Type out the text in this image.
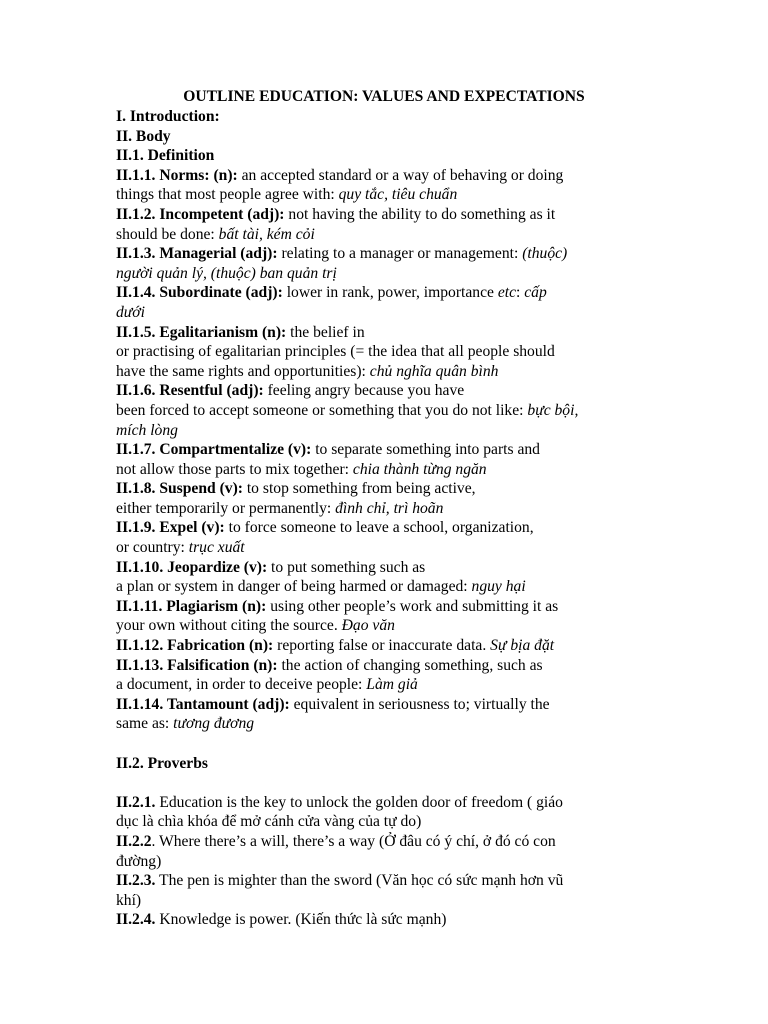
OUTLINE EDUCATION: VALUES AND EXPECTATIONS

I. Introduction:

II. Body

II.1. Definition

II.1.1. Norms: (n): an accepted standard or a way of behaving or doing

things that most people agree with: quy tắc, tiêu chuẩn

II.1.2. Incompetent (adj): not having the ability to do something as it

should be done: bất tài, kém cỏi

II.1.3. Managerial (adj): relating to a manager or management: (thuộc)

người quản lý, (thuộc) ban quản trị

II.1.4. Subordinate (adj): lower in rank, power, importance etc: cấp

dưới

II.1.5. Egalitarianism (n): the belief in

or practising of egalitarian principles (= the idea that all people should

have the same rights and opportunities): chủ nghĩa quân bình

II.1.6. Resentful (adj): feeling angry because you have

been forced to accept someone or something that you do not like: bực bội,

mích lòng

II.1.7. Compartmentalize (v): to separate something into parts and

not allow those parts to mix together: chia thành từng ngăn

II.1.8. Suspend (v): to stop something from being active,

either temporarily or permanently: đình chỉ, trì hoãn

II.1.9. Expel (v): to force someone to leave a school, organization,

or country: trục xuất

II.1.10. Jeopardize (v): to put something such as

a plan or system in danger of being harmed or damaged: nguy hại

II.1.11. Plagiarism (n): using other people’s work and submitting it as

your own without citing the source. Đạo văn

II.1.12. Fabrication (n): reporting false or inaccurate data. Sự bịa đặt

II.1.13. Falsification (n): the action of changing something, such as

a document, in order to deceive people: Làm giả

II.1.14. Tantamount (adj): equivalent in seriousness to; virtually the

same as: tương đương

II.2. Proverbs

II.2.1. Education is the key to unlock the golden door of freedom ( giáo

dục là chìa khóa để mở cánh cửa vàng của tự do)

II.2.2. Where there’s a will, there’s a way (Ở đâu có ý chí, ở đó có con

đường)

II.2.3. The pen is mighter than the sword (Văn học có sức mạnh hơn vũ

khí)

II.2.4. Knowledge is power. (Kiến thức là sức mạnh)
